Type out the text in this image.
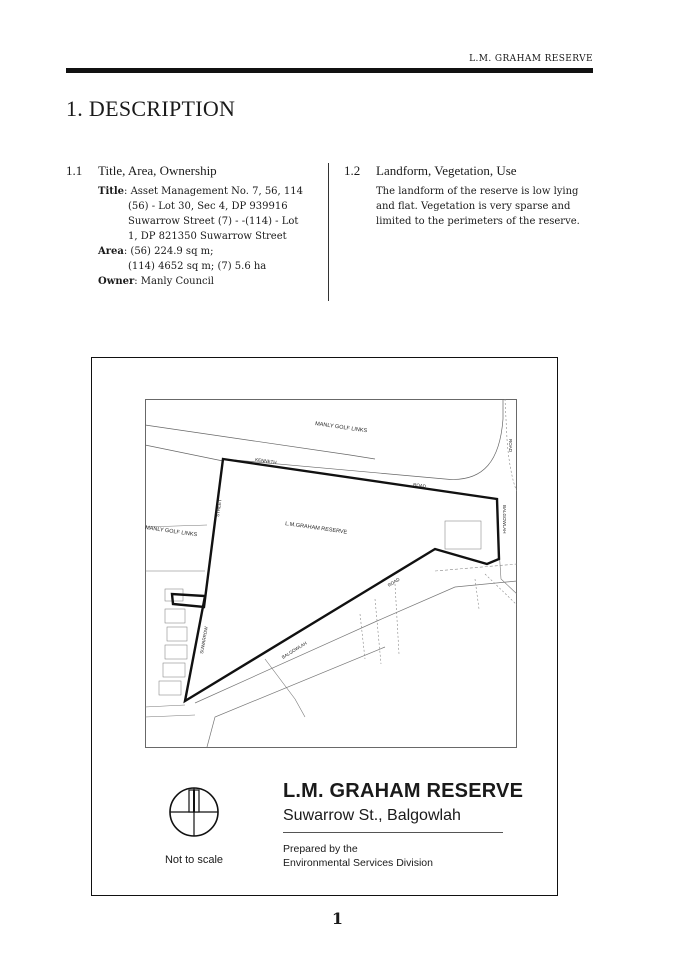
L.M. GRAHAM RESERVE
1. DESCRIPTION
1.1	Title, Area, Ownership
Title: Asset Management No. 7, 56, 114
(56) - Lot 30, Sec 4, DP 939916
Suwarrow Street (7) - -(114) - Lot
1, DP 821350 Suwarrow Street
Area: (56) 224.9 sq m;
(114) 4652 sq m; (7) 5.6 ha
Owner: Manly Council
1.2	Landform, Vegetation, Use
The landform of the reserve is low lying
and flat. Vegetation is very sparse and
limited to the perimeters of the reserve.
MANLY GOLF LINKS
MANLY GOLF LINKS
KENNETH
ROAD
ROAD
BALGOWLAH
STREET
L.M.GRAHAM RESERVE
ROAD
BALGOWLAH
SUWARROW
Not to scale
L.M. GRAHAM RESERVE
Suwarrow St., Balgowlah
Prepared by the
Environmental Services Division
1
